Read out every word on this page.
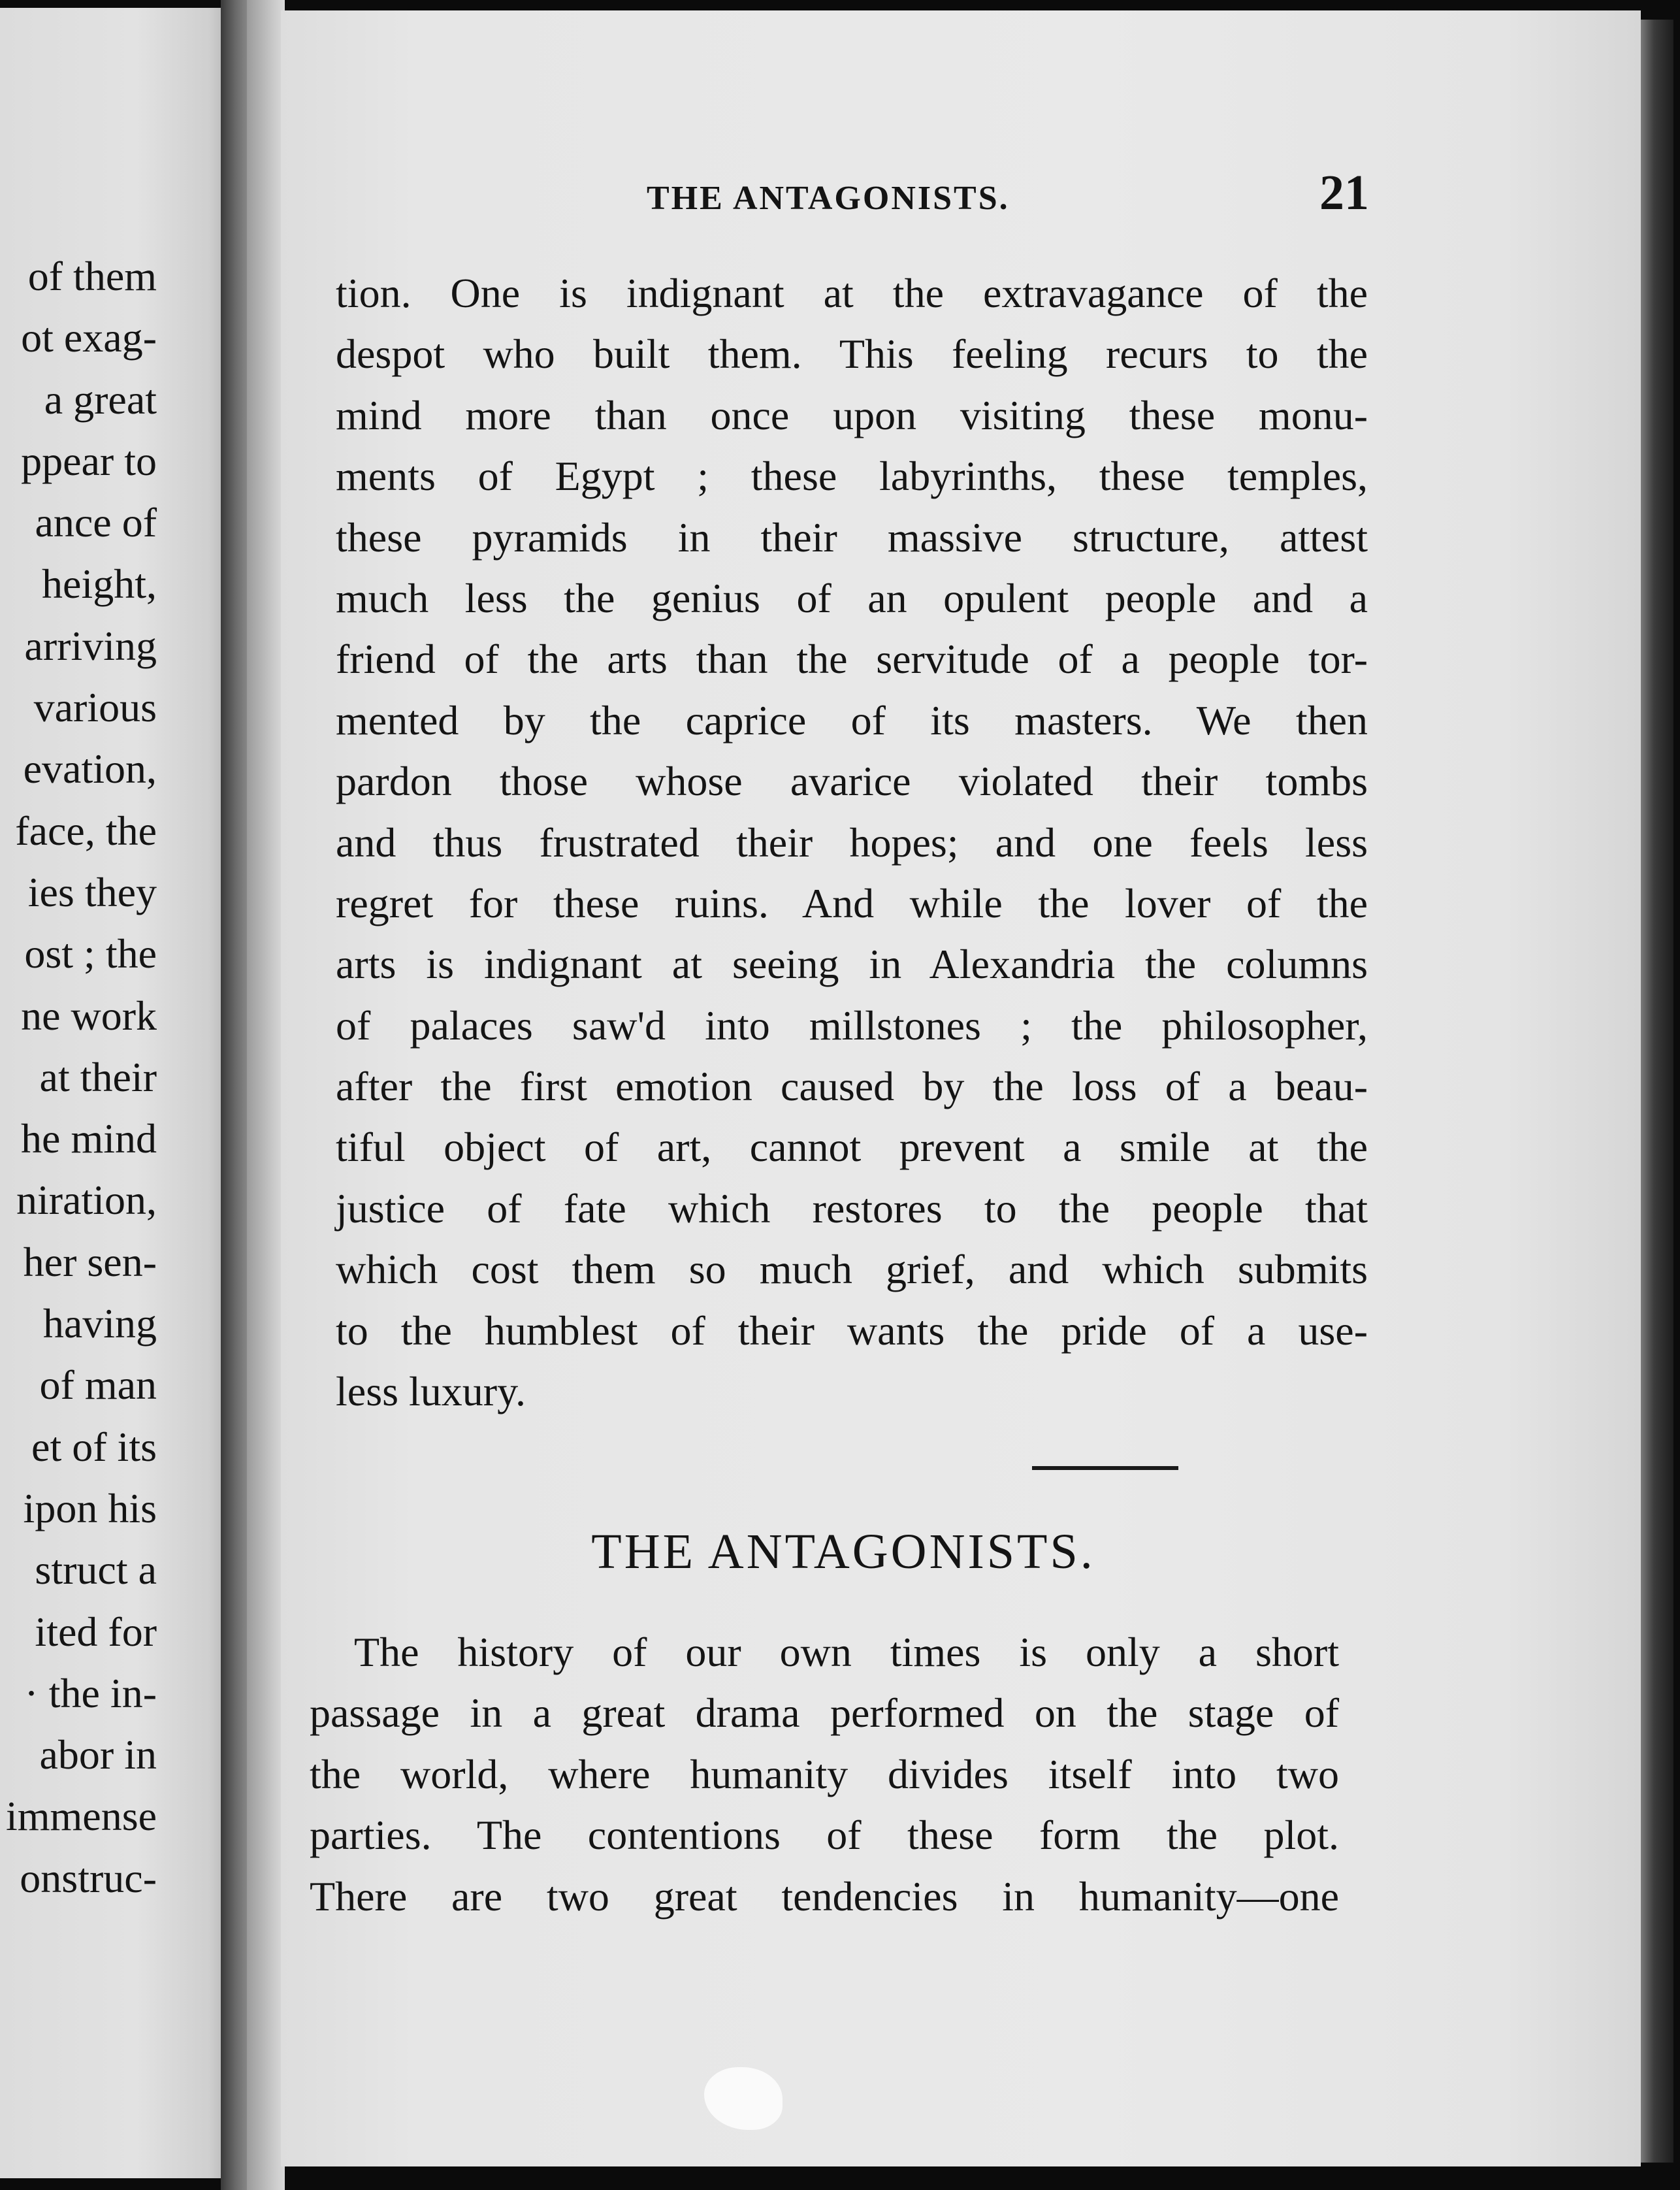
of them
ot exag-
a great
ppear to
ance of
height,
arriving
various
evation,
face, the
ies they
ost ; the
ne work
at their
he mind
niration,
her sen-
having
of man
et of its
ipon his
struct a
ited for
· the in-
abor in
immense
onstruc-
THE ANTAGONISTS.	21
tion. One is indignant at the extravagance of the
despot who built them. This feeling recurs to the
mind more than once upon visiting these monu-
ments of Egypt ; these labyrinths, these temples,
these pyramids in their massive structure, attest
much less the genius of an opulent people and a
friend of the arts than the servitude of a people tor-
mented by the caprice of its masters. We then
pardon those whose avarice violated their tombs
and thus frustrated their hopes; and one feels less
regret for these ruins. And while the lover of the
arts is indignant at seeing in Alexandria the columns
of palaces saw'd into millstones ; the philosopher,
after the first emotion caused by the loss of a beau-
tiful object of art, cannot prevent a smile at the
justice of fate which restores to the people that
which cost them so much grief, and which submits
to the humblest of their wants the pride of a use-
less luxury.
THE ANTAGONISTS.
The history of our own times is only a short
passage in a great drama performed on the stage of
the world, where humanity divides itself into two
parties. The contentions of these form the plot.
There are two great tendencies in humanity—one
